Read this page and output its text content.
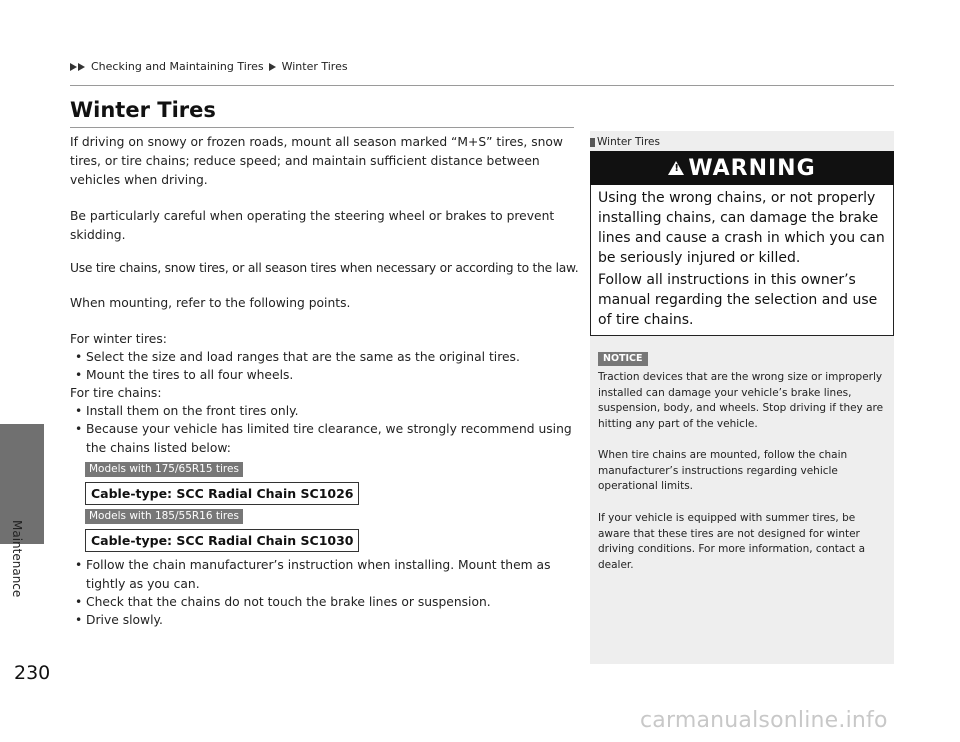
Checking and Maintaining Tires Winter Tires
Maintenance
230
Winter Tires

If driving on snowy or frozen roads, mount all season marked “M+S” tires, snow tires, or tire chains; reduce speed; and maintain sufficient distance between vehicles when driving.

Be particularly careful when operating the steering wheel or brakes to prevent skidding.

Use tire chains, snow tires, or all season tires when necessary or according to the law.

When mounting, refer to the following points.

For winter tires:

• Select the size and load ranges that are the same as the original tires.
• Mount the tires to all four wheels.

For tire chains:

• Install them on the front tires only.
• Because your vehicle has limited tire clearance, we strongly recommend using the chains listed below:
Models with 175/65R15 tires
Cable-type: SCC Radial Chain SC1026
Models with 185/55R16 tires
Cable-type: SCC Radial Chain SC1030
• Follow the chain manufacturer’s instruction when installing. Mount them as tightly as you can.
• Check that the chains do not touch the brake lines or suspension.
• Drive slowly.
Winter Tires
!
WARNING

Using the wrong chains, or not properly installing chains, can damage the brake lines and cause a crash in which you can be seriously injured or killed.

Follow all instructions in this owner’s manual regarding the selection and use of tire chains.

NOTICE

Traction devices that are the wrong size or improperly installed can damage your vehicle’s brake lines, suspension, body, and wheels. Stop driving if they are hitting any part of the vehicle.

When tire chains are mounted, follow the chain manufacturer’s instructions regarding vehicle operational limits.

If your vehicle is equipped with summer tires, be aware that these tires are not designed for winter driving conditions. For more information, contact a dealer.

carmanualsonline.info
